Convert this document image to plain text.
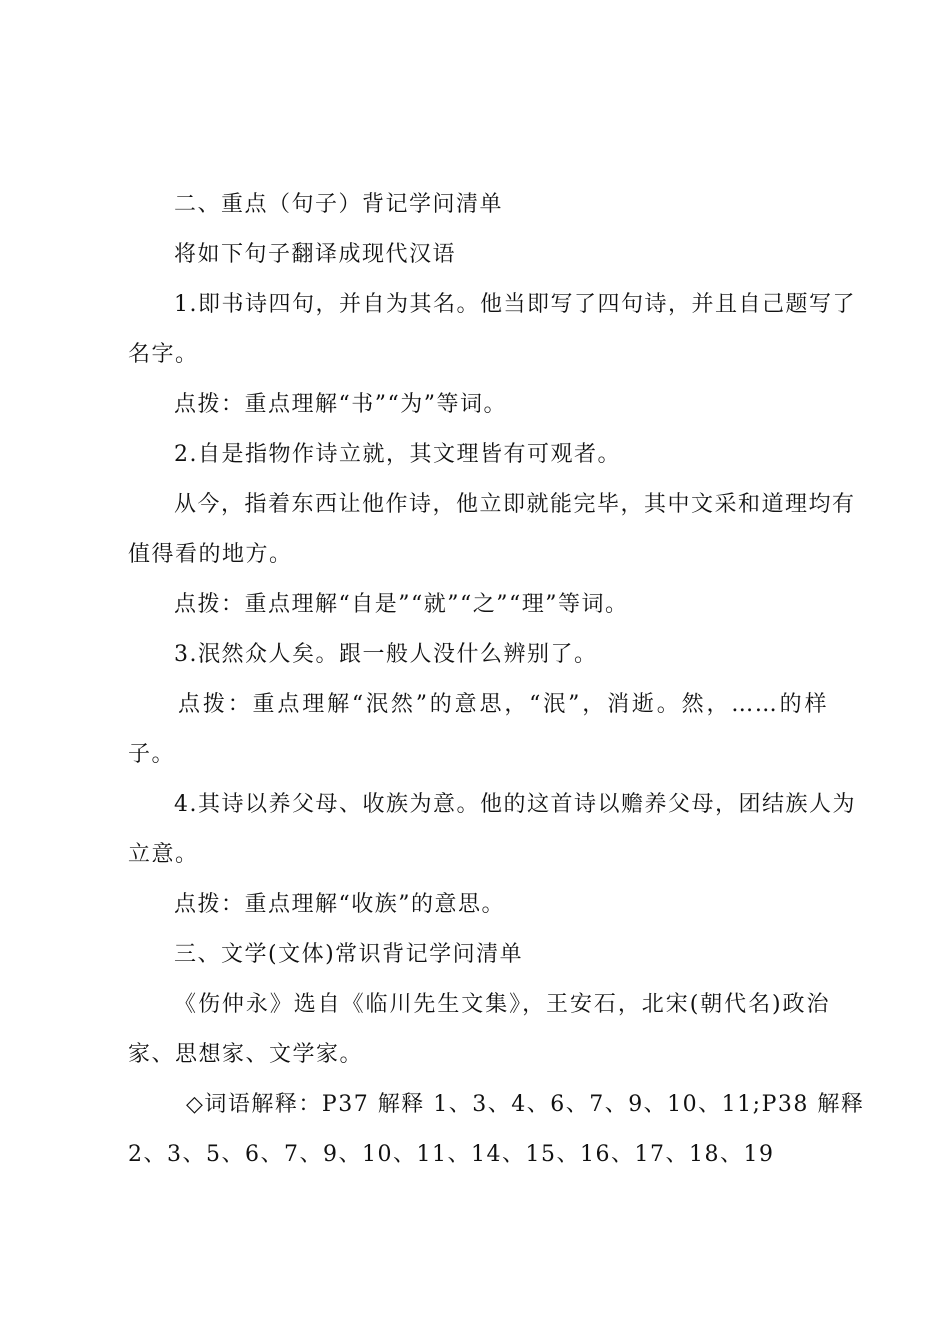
二、重点（句子）背记学问清单
将如下句子翻译成现代汉语
1.即书诗四句，并自为其名。他当即写了四句诗，并且自己题写了
名字。
点拨：重点理解“书”“为”等词。
2.自是指物作诗立就，其文理皆有可观者。
从今，指着东西让他作诗，他立即就能完毕，其中文采和道理均有
值得看的地方。
点拨：重点理解“自是”“就”“之”“理”等词。
3.泯然众人矣。跟一般人没什么辨别了。
点拨：重点理解“泯然”的意思，“泯”，消逝。然，……的样
子。
4.其诗以养父母、收族为意。他的这首诗以赡养父母，团结族人为
立意。
点拨：重点理解“收族”的意思。
三、文学(文体)常识背记学问清单
《伤仲永》选自《临川先生文集》，王安石，北宋(朝代名)政治
家、思想家、文学家。
◇词语解释：P37 解释 1、3、4、6、7、9、10、11;P38 解释
2、3、5、6、7、9、10、11、14、15、16、17、18、19
